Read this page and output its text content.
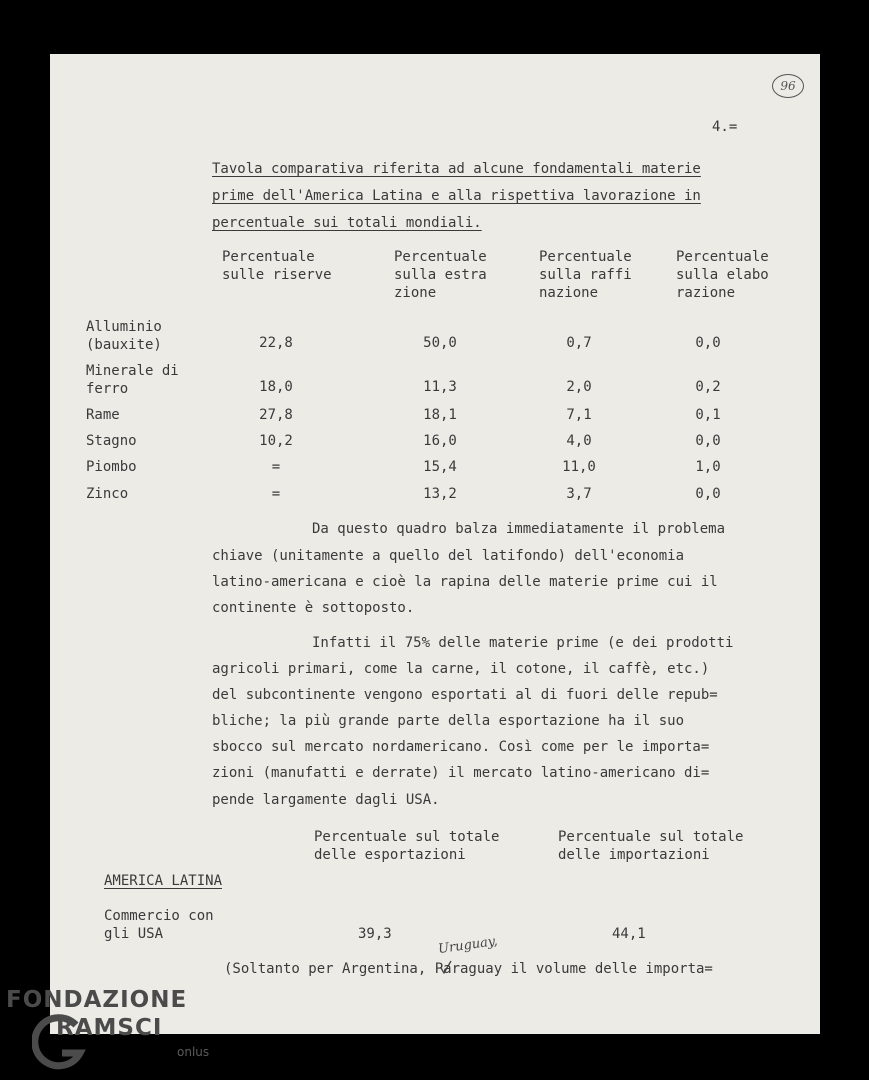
96
4.=
Tavola comparativa riferita ad alcune fondamentali materie
prime dell'America Latina e alla rispettiva lavorazione in
percentuale sui totali mondiali.
Percentuale
sulle riserve
Percentuale
sulla estra
zione
Percentuale
sulla raffi
nazione
Percentuale
sulla elabo
razione
Alluminio
(bauxite)	22,8	50,0	0,7	0,0
Minerale di
ferro	18,0	11,3	2,0	0,2
Rame	27,8	18,1	7,1	0,1
Stagno	10,2	16,0	4,0	0,0
Piombo	=	15,4	11,0	1,0
Zinco	=	13,2	3,7	0,0
Da questo quadro balza immediatamente il problema
chiave (unitamente a quello del latifondo) dell'economia
latino-americana e cioè la rapina delle materie prime cui il
continente è sottoposto.
Infatti il 75% delle materie prime (e dei prodotti
agricoli primari, come la carne, il cotone, il caffè, etc.)
del subcontinente vengono esportati al di fuori delle repub=
bliche; la più grande parte della esportazione ha il suo
sbocco sul mercato nordamericano. Così come per le importa=
zioni (manufatti e derrate) il mercato latino-americano di=
pende largamente dagli USA.
Percentuale sul totale
delle esportazioni
Percentuale sul totale
delle importazioni
AMERICA LATINA
Commercio con
gli USA	39,3	44,1
Uruguay,
(Soltanto per Argentina, Paraguay il volume delle importa=
FONDAZIONE
RAMSCI
onlus
